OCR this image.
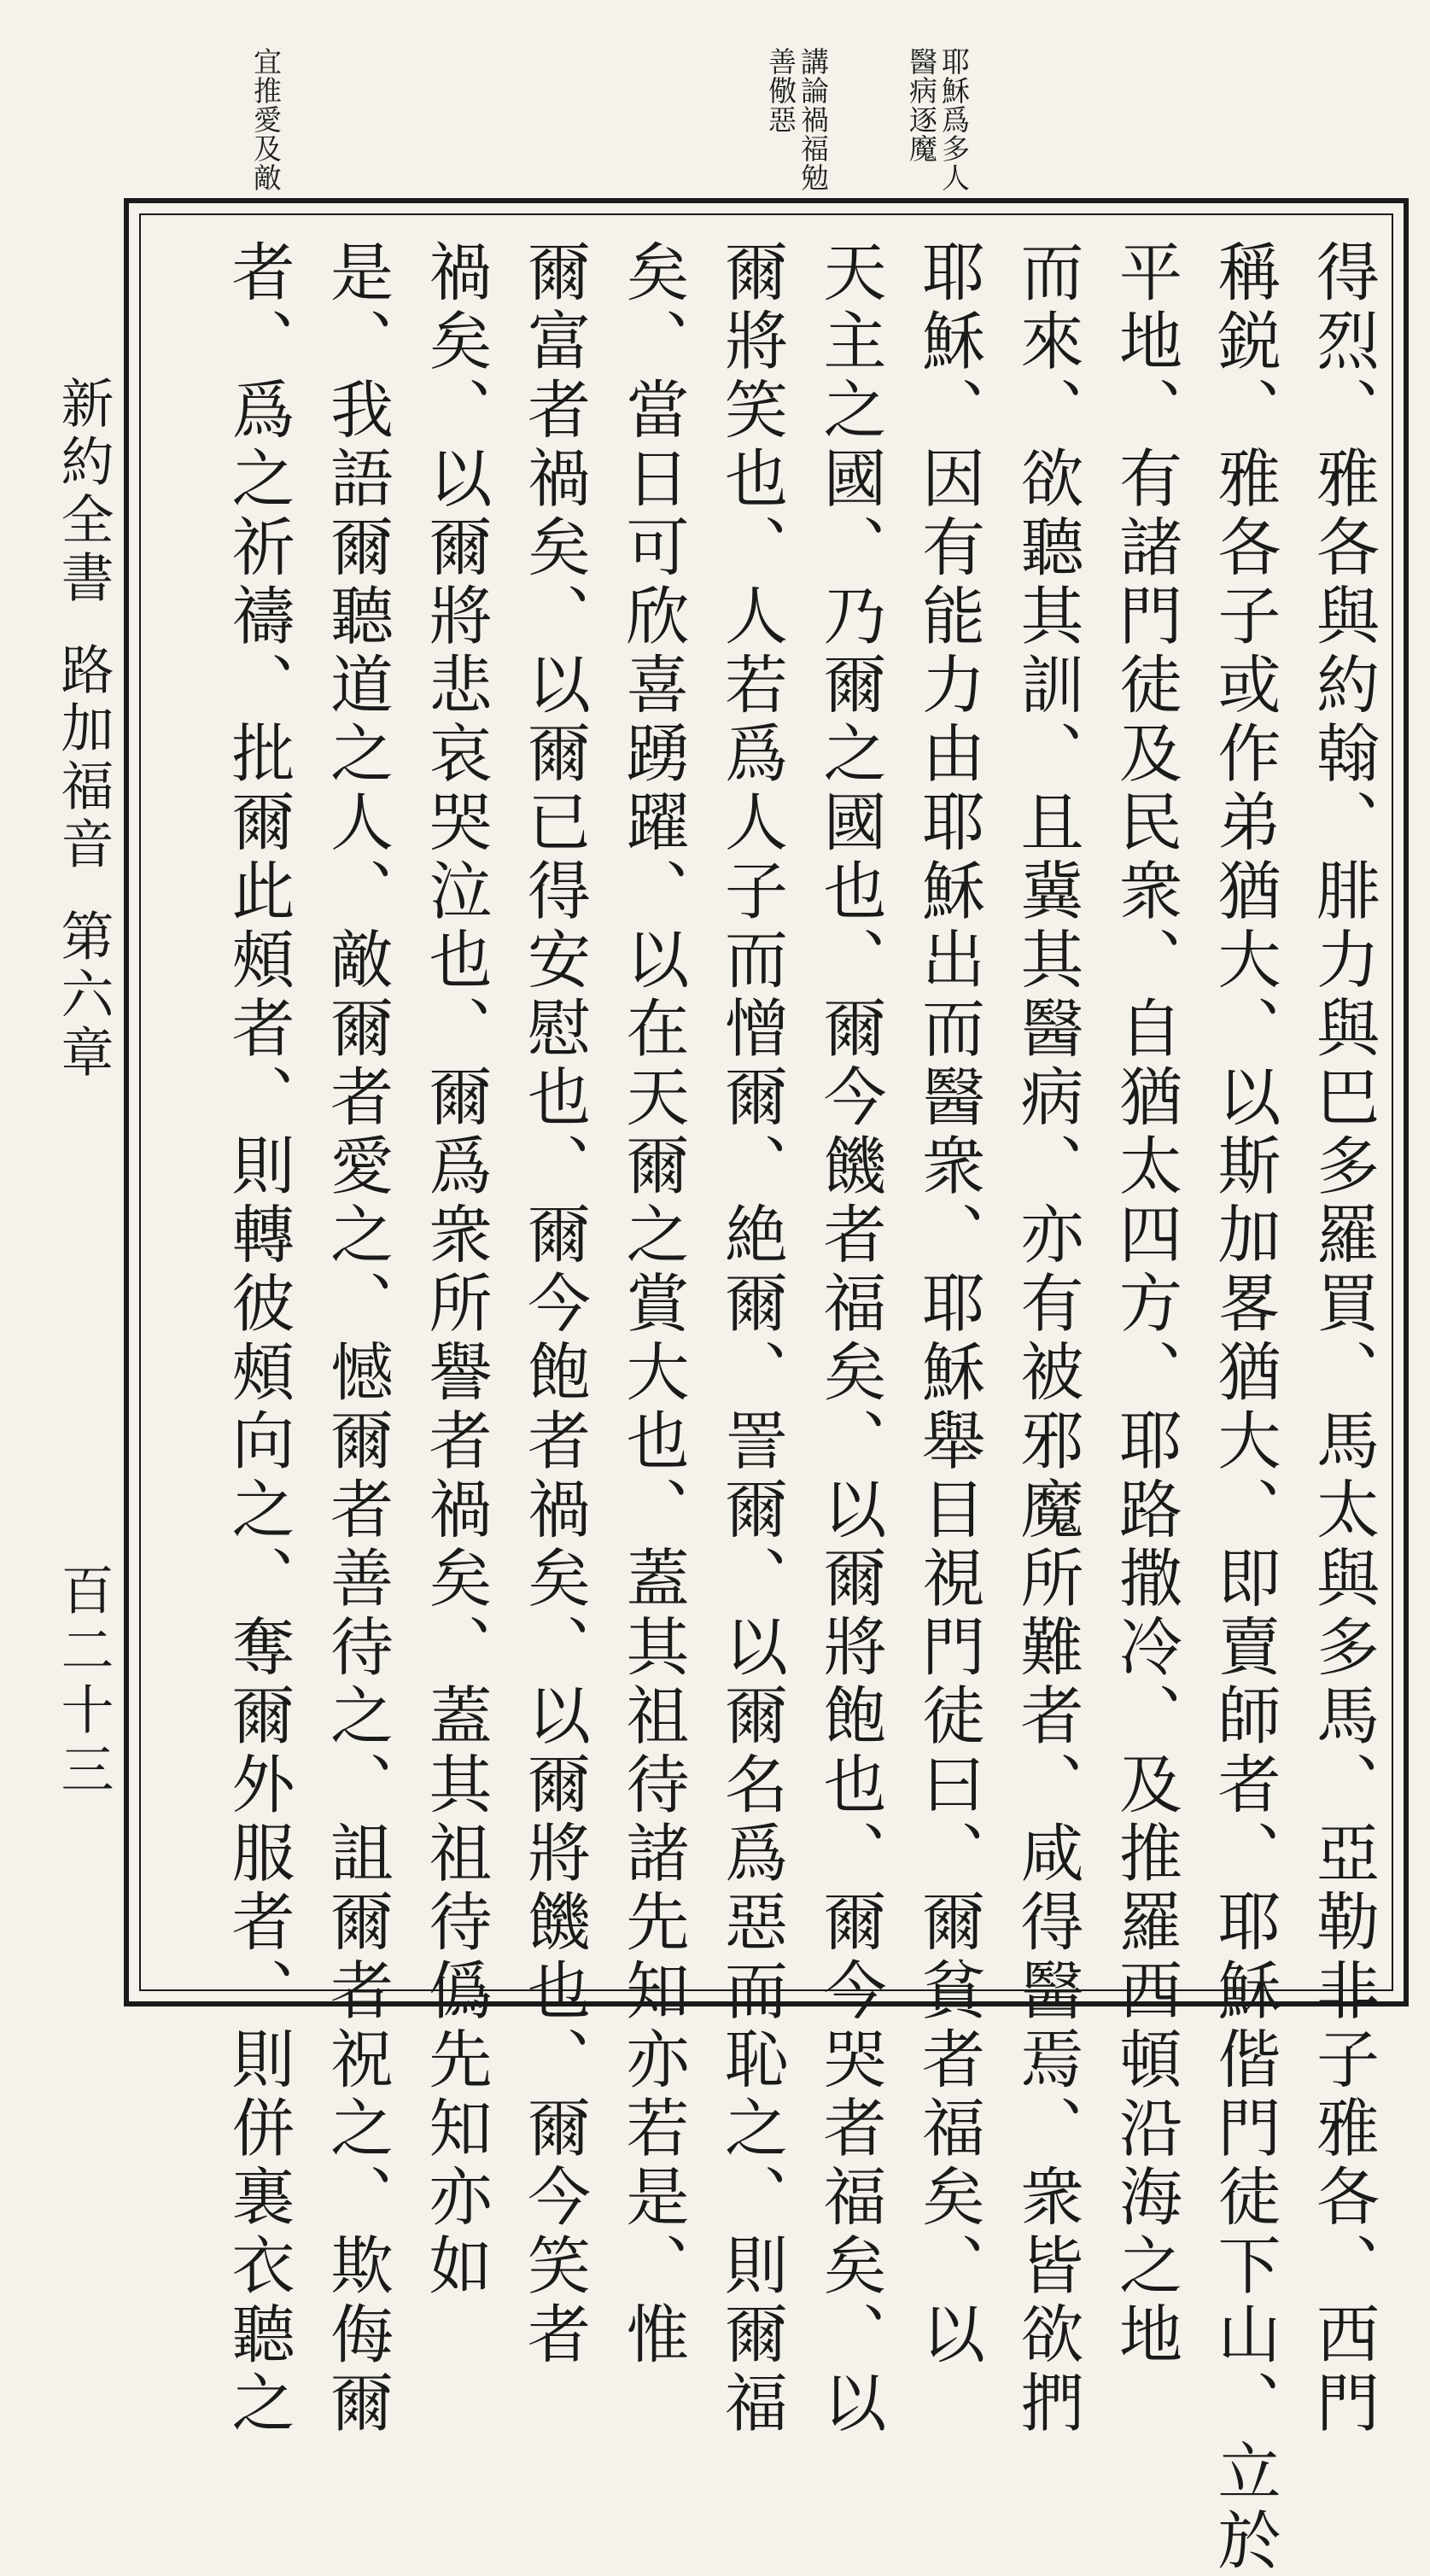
耶穌爲多人醫病逐魔
講論禍福勉善儆惡
宜推愛及敵
新約全書路加福音第六章
百二十三	得烈、雅各與約翰、腓力與巴多羅買、馬太與多馬、亞勒非子雅各、西門
稱鋭、雅各子或作弟猶大、以斯加畧猶大、即賣師者、耶穌偕門徒下山、立於
平地、有諸門徒及民衆、自猶太四方、耶路撒冷、及推羅西頓沿海之地
而來、欲聽其訓、且冀其醫病、亦有被邪魔所難者、咸得醫焉、衆皆欲捫
耶穌、因有能力由耶穌出而醫衆、耶穌舉目視門徒曰、爾貧者福矣、以
天主之國、乃爾之國也、爾今饑者福矣、以爾將飽也、爾今哭者福矣、以
爾將笑也、人若爲人子而憎爾、絶爾、詈爾、以爾名爲惡而恥之、則爾福
矣、當日可欣喜踴躍、以在天爾之賞大也、蓋其祖待諸先知亦若是、惟
爾富者禍矣、以爾已得安慰也、爾今飽者禍矣、以爾將饑也、爾今笑者
禍矣、以爾將悲哀哭泣也、爾爲衆所譽者禍矣、蓋其祖待僞先知亦如
是、我語爾聽道之人、敵爾者愛之、憾爾者善待之、詛爾者祝之、欺侮爾
者、爲之祈禱、批爾此頰者、則轉彼頰向之、奪爾外服者、則併裏衣聽之
